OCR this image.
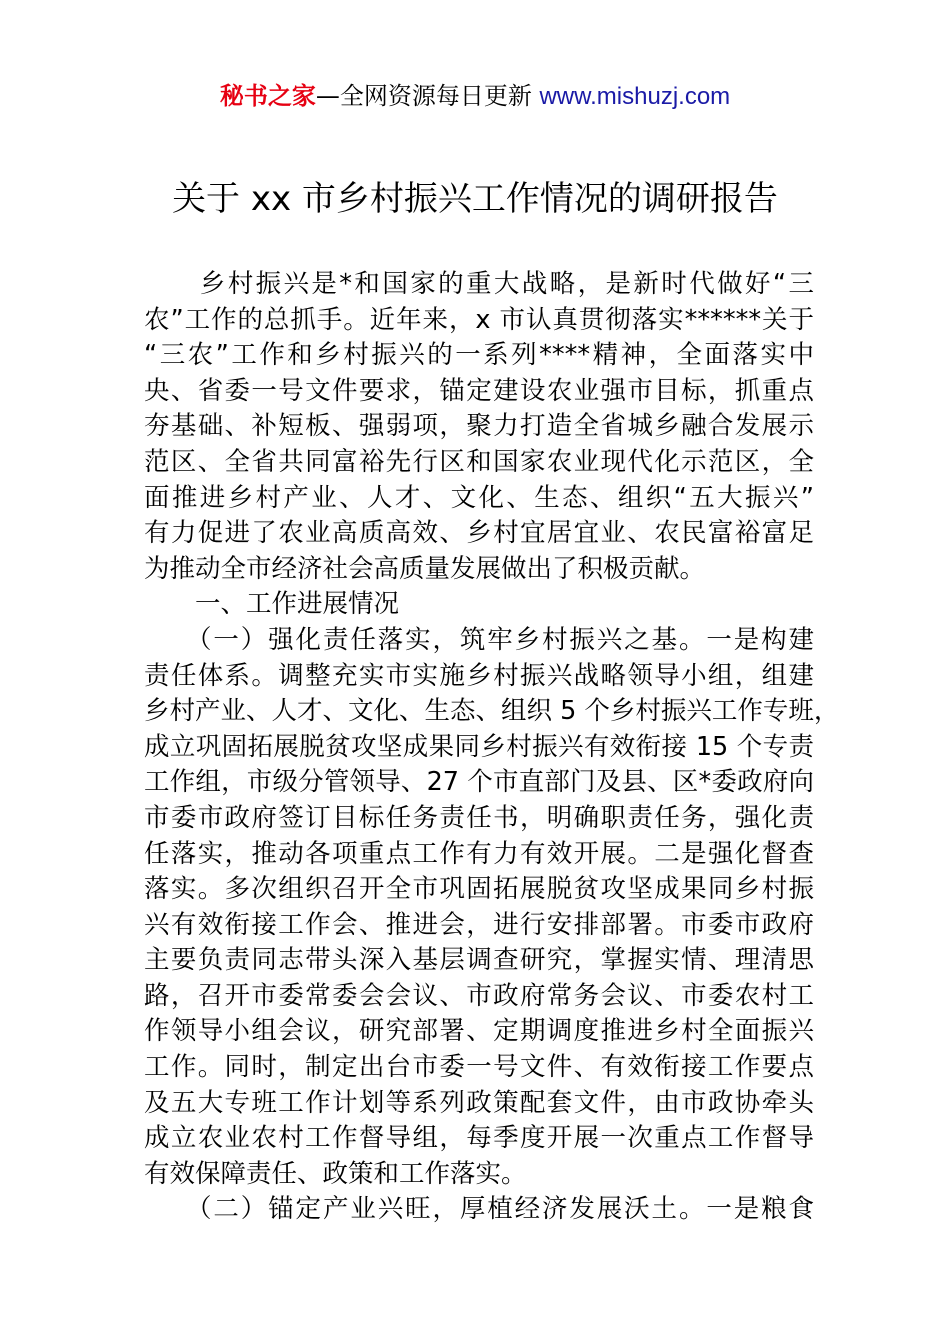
秘书之家—全网资源每日更新 www.mishuzj.com
关于 xx 市乡村振兴工作情况的调研报告
　　乡村振兴是*和国家的重大战略，是新时代做好“三
农”工作的总抓手。近年来，x 市认真贯彻落实******关于
“三农”工作和乡村振兴的一系列****精神，全面落实中
央、省委一号文件要求，锚定建设农业强市目标，抓重点
夯基础、补短板、强弱项，聚力打造全省城乡融合发展示
范区、全省共同富裕先行区和国家农业现代化示范区，全
面推进乡村产业、人才、文化、生态、组织“五大振兴”
有力促进了农业高质高效、乡村宜居宜业、农民富裕富足
为推动全市经济社会高质量发展做出了积极贡献。
　　一、工作进展情况
　　（一）强化责任落实，筑牢乡村振兴之基。一是构建
责任体系。调整充实市实施乡村振兴战略领导小组，组建
乡村产业、人才、文化、生态、组织 5 个乡村振兴工作专班，
成立巩固拓展脱贫攻坚成果同乡村振兴有效衔接 15 个专责
工作组，市级分管领导、27 个市直部门及县、区*委政府向
市委市政府签订目标任务责任书，明确职责任务，强化责
任落实，推动各项重点工作有力有效开展。二是强化督查
落实。多次组织召开全市巩固拓展脱贫攻坚成果同乡村振
兴有效衔接工作会、推进会，进行安排部署。市委市政府
主要负责同志带头深入基层调查研究，掌握实情、理清思
路，召开市委常委会会议、市政府常务会议、市委农村工
作领导小组会议，研究部署、定期调度推进乡村全面振兴
工作。同时，制定出台市委一号文件、有效衔接工作要点
及五大专班工作计划等系列政策配套文件，由市政协牵头
成立农业农村工作督导组，每季度开展一次重点工作督导
有效保障责任、政策和工作落实。
　　（二）锚定产业兴旺，厚植经济发展沃土。一是粮食
